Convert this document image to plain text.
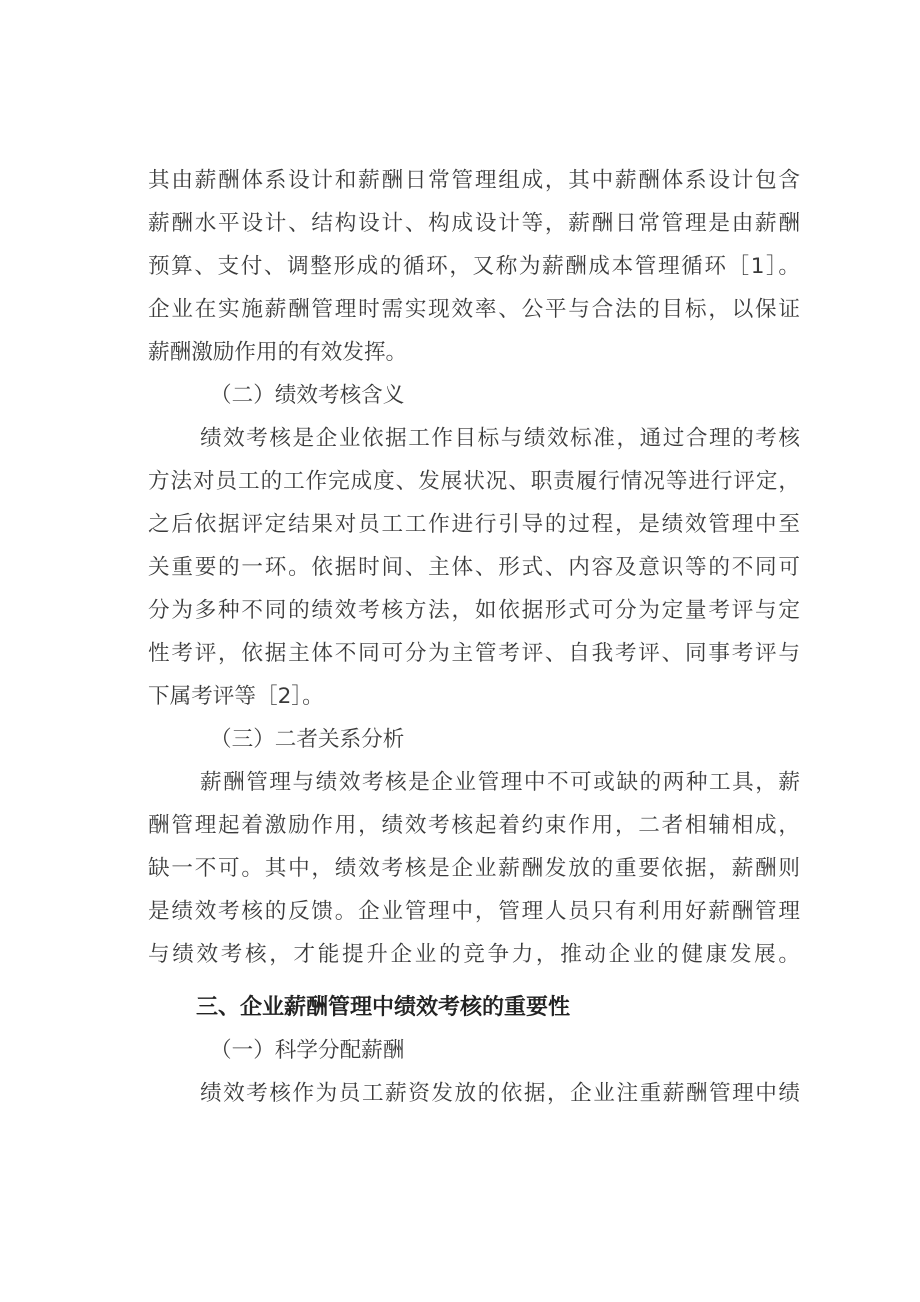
其由薪酬体系设计和薪酬日常管理组成，其中薪酬体系设计包含
薪酬水平设计、结构设计、构成设计等，薪酬日常管理是由薪酬
预算、支付、调整形成的循环，又称为薪酬成本管理循环［1］。
企业在实施薪酬管理时需实现效率、公平与合法的目标，以保证
薪酬激励作用的有效发挥。
（二）绩效考核含义
绩效考核是企业依据工作目标与绩效标准，通过合理的考核
方法对员工的工作完成度、发展状况、职责履行情况等进行评定，
之后依据评定结果对员工工作进行引导的过程，是绩效管理中至
关重要的一环。依据时间、主体、形式、内容及意识等的不同可
分为多种不同的绩效考核方法，如依据形式可分为定量考评与定
性考评，依据主体不同可分为主管考评、自我考评、同事考评与
下属考评等［2］。
（三）二者关系分析
薪酬管理与绩效考核是企业管理中不可或缺的两种工具，薪
酬管理起着激励作用，绩效考核起着约束作用，二者相辅相成，
缺一不可。其中，绩效考核是企业薪酬发放的重要依据，薪酬则
是绩效考核的反馈。企业管理中，管理人员只有利用好薪酬管理
与绩效考核，才能提升企业的竞争力，推动企业的健康发展。
三、企业薪酬管理中绩效考核的重要性
（一）科学分配薪酬
绩效考核作为员工薪资发放的依据，企业注重薪酬管理中绩
